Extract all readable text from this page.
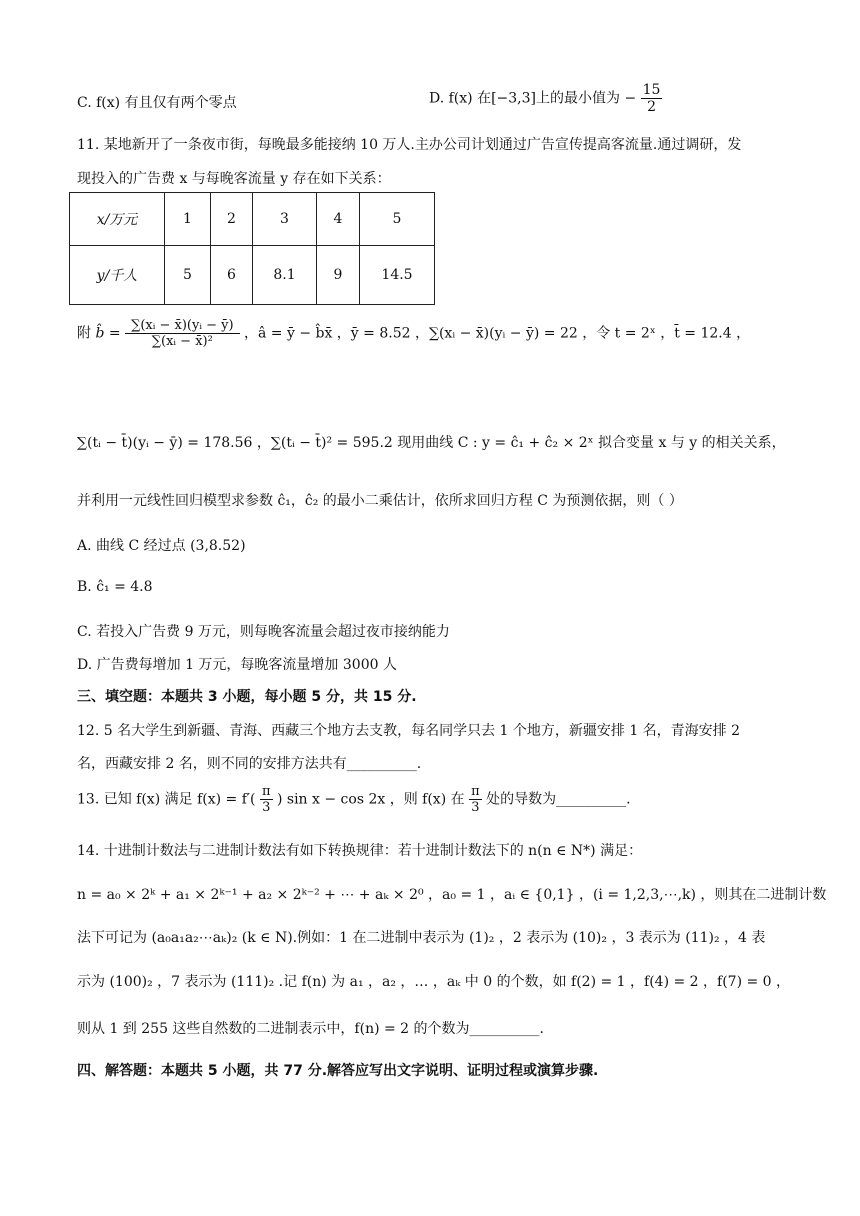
C. f(x) 有且仅有两个零点	D. f(x) 在[−3,3]上的最小值为 − $\frac{15}{2}$
11. 某地新开了一条夜市街，每晚最多能接纳 10 万人.主办公司计划通过广告宣传提高客流量.通过调研，发
现投入的广告费 x 与每晚客流量 y 存在如下关系：
x/万元	1	2	3	4	5
y/千人	5	6	8.1	9	14.5
附 b̂ = $\frac{\text{∑(xᵢ − x̄)(yᵢ − ȳ)}}{\text{∑(xᵢ − x̄)²}}$ ，â = ȳ − b̂x̄ ，ȳ = 8.52 ，∑(xᵢ − x̄)(yᵢ − ȳ) = 22 ，令 t = 2ˣ ，t̄ = 12.4 ，
∑(tᵢ − t̄)(yᵢ − ȳ) = 178.56 ，∑(tᵢ − t̄)² = 595.2 现用曲线 C : y = ĉ₁ + ĉ₂ × 2ˣ 拟合变量 x 与 y 的相关关系，
并利用一元线性回归模型求参数 ĉ₁，ĉ₂ 的最小二乘估计，依所求回归方程 C 为预测依据，则（ ）
A. 曲线 C 经过点 (3,8.52)
B. ĉ₁ = 4.8
C. 若投入广告费 9 万元，则每晚客流量会超过夜市接纳能力
D. 广告费每增加 1 万元，每晚客流量增加 3000 人
三、填空题：本题共 3 小题，每小题 5 分，共 15 分.
12. 5 名大学生到新疆、青海、西藏三个地方去支教，每名同学只去 1 个地方，新疆安排 1 名，青海安排 2
名，西藏安排 2 名，则不同的安排方法共有__________.
13. 已知 f(x) 满足 $f(x) = f'( \frac{\pi}{3}$ ) sin x − cos 2x ，则 f(x) 在 $\frac{\pi}{3}$ 处的导数为__________.
14. 十进制计数法与二进制计数法有如下转换规律：若十进制计数法下的 n(n ∈ N*) 满足：
n = a₀ × 2ᵏ + a₁ × 2ᵏ⁻¹ + a₂ × 2ᵏ⁻² + ⋯ + aₖ × 2⁰ ，a₀ = 1 ，aᵢ ∈ {0,1} ，(i = 1,2,3,⋯,k) ，则其在二进制计数
法下可记为 (a₀a₁a₂⋯aₖ)₂ (k ∈ N).例如：1 在二进制中表示为 (1)₂ ，2 表示为 (10)₂ ，3 表示为 (11)₂ ，4 表
示为 (100)₂ ，7 表示为 (111)₂ .记 f(n) 为 a₁ ，a₂ ，… ，aₖ 中 0 的个数，如 f(2) = 1 ，f(4) = 2 ，f(7) = 0 ，
则从 1 到 255 这些自然数的二进制表示中，f(n) = 2 的个数为__________.
四、解答题：本题共 5 小题，共 77 分.解答应写出文字说明、证明过程或演算步骤.
